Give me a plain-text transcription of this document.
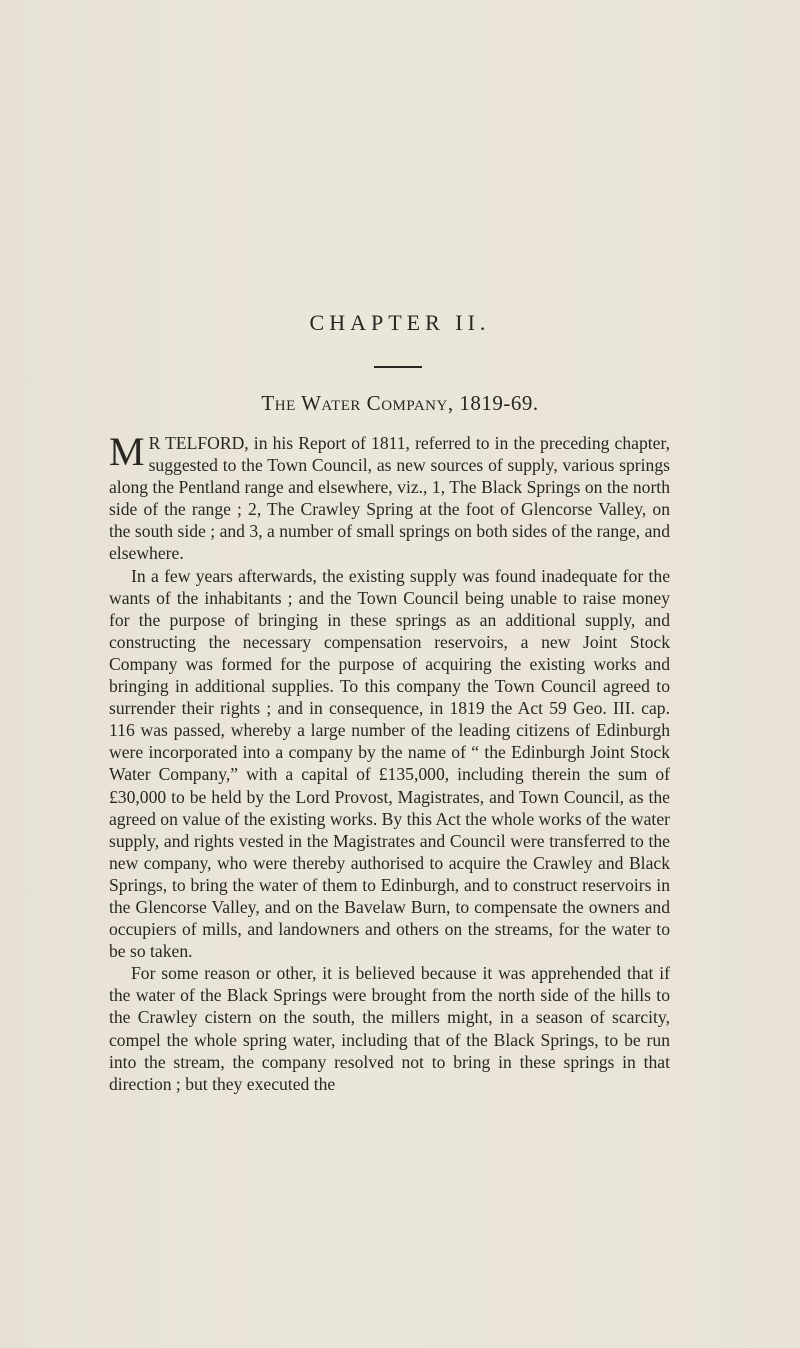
CHAPTER II.
The Water Company, 1819-69.

M R TELFORD, in his Report of 1811, referred to in the preceding chapter, suggested to the Town Council, as new sources of supply, various springs along the Pentland range and elsewhere, viz., 1, The Black Springs on the north side of the range ; 2, The Crawley Spring at the foot of Glencorse Valley, on the south side ; and 3, a number of small springs on both sides of the range, and elsewhere.

In a few years afterwards, the existing supply was found inadequate for the wants of the inhabitants ; and the Town Council being unable to raise money for the purpose of bringing in these springs as an additional supply, and constructing the necessary compensation reservoirs, a new Joint Stock Company was formed for the purpose of acquiring the existing works and bringing in additional supplies. To this company the Town Council agreed to surrender their rights ; and in consequence, in 1819 the Act 59 Geo. III. cap. 116 was passed, whereby a large number of the leading citizens of Edinburgh were incorporated into a company by the name of “ the Edinburgh Joint Stock Water Company,” with a capital of £135,000, including therein the sum of £30,000 to be held by the Lord Provost, Magistrates, and Town Council, as the agreed on value of the existing works. By this Act the whole works of the water supply, and rights vested in the Magistrates and Council were transferred to the new company, who were thereby authorised to acquire the Crawley and Black Springs, to bring the water of them to Edinburgh, and to construct reservoirs in the Glencorse Valley, and on the Bavelaw Burn, to compensate the owners and occupiers of mills, and landowners and others on the streams, for the water to be so taken.

For some reason or other, it is believed because it was apprehended that if the water of the Black Springs were brought from the north side of the hills to the Crawley cistern on the south, the millers might, in a season of scarcity, compel the whole spring water, including that of the Black Springs, to be run into the stream, the company resolved not to bring in these springs in that direction ; but they executed the
